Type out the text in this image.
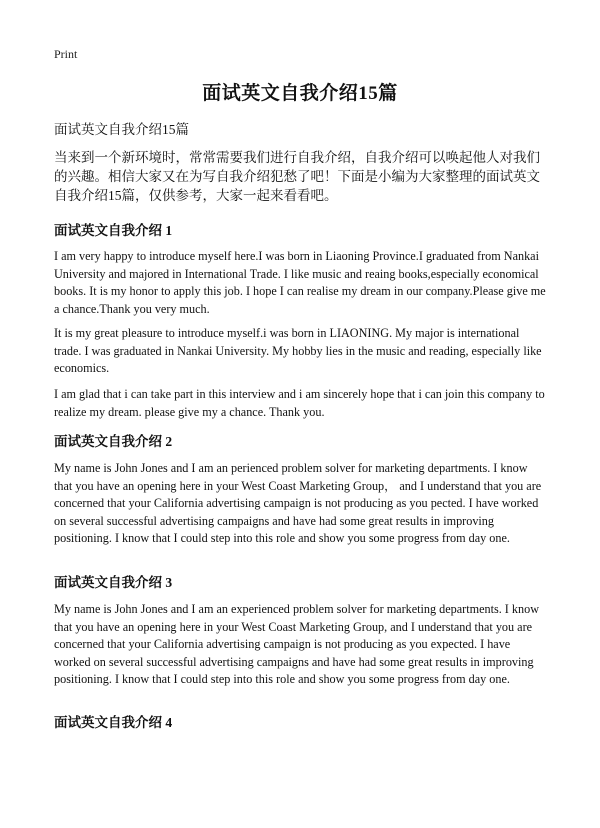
Print
面试英文自我介绍15篇
面试英文自我介绍15篇
当来到一个新环境时，常常需要我们进行自我介绍，自我介绍可以唤起他人对我们的兴趣。相信大家又在为写自我介绍犯愁了吧！下面是小编为大家整理的面试英文自我介绍15篇，仅供参考，大家一起来看看吧。
面试英文自我介绍 1
I am very happy to introduce myself here.I was born in Liaoning Province.I graduated from Nankai University and majored in International Trade. I like music and reaing books,especially economical books. It is my honor to apply this job. I hope I can realise my dream in our company.Please give me a chance.Thank you very much.
It is my great pleasure to introduce myself.i was born in LIAONING. My major is international trade. I was graduated in Nankai University. My hobby lies in the music and reading, especially like economics.
I am glad that i can take part in this interview and i am sincerely hope that i can join this company to realize my dream. please give my a chance. Thank you.
面试英文自我介绍 2
My name is John Jones and I am an perienced problem solver for marketing departments. I know that you have an opening here in your West Coast Marketing Group， and I understand that you are concerned that your California advertising campaign is not producing as you pected. I have worked on several successful advertising campaigns and have had some great results in improving positioning. I know that I could step into this role and show you some progress from day one.
面试英文自我介绍 3
My name is John Jones and I am an experienced problem solver for marketing departments. I know that you have an opening here in your West Coast Marketing Group, and I understand that you are concerned that your California advertising campaign is not producing as you expected. I have worked on several successful advertising campaigns and have had some great results in improving positioning. I know that I could step into this role and show you some progress from day one.
面试英文自我介绍 4
